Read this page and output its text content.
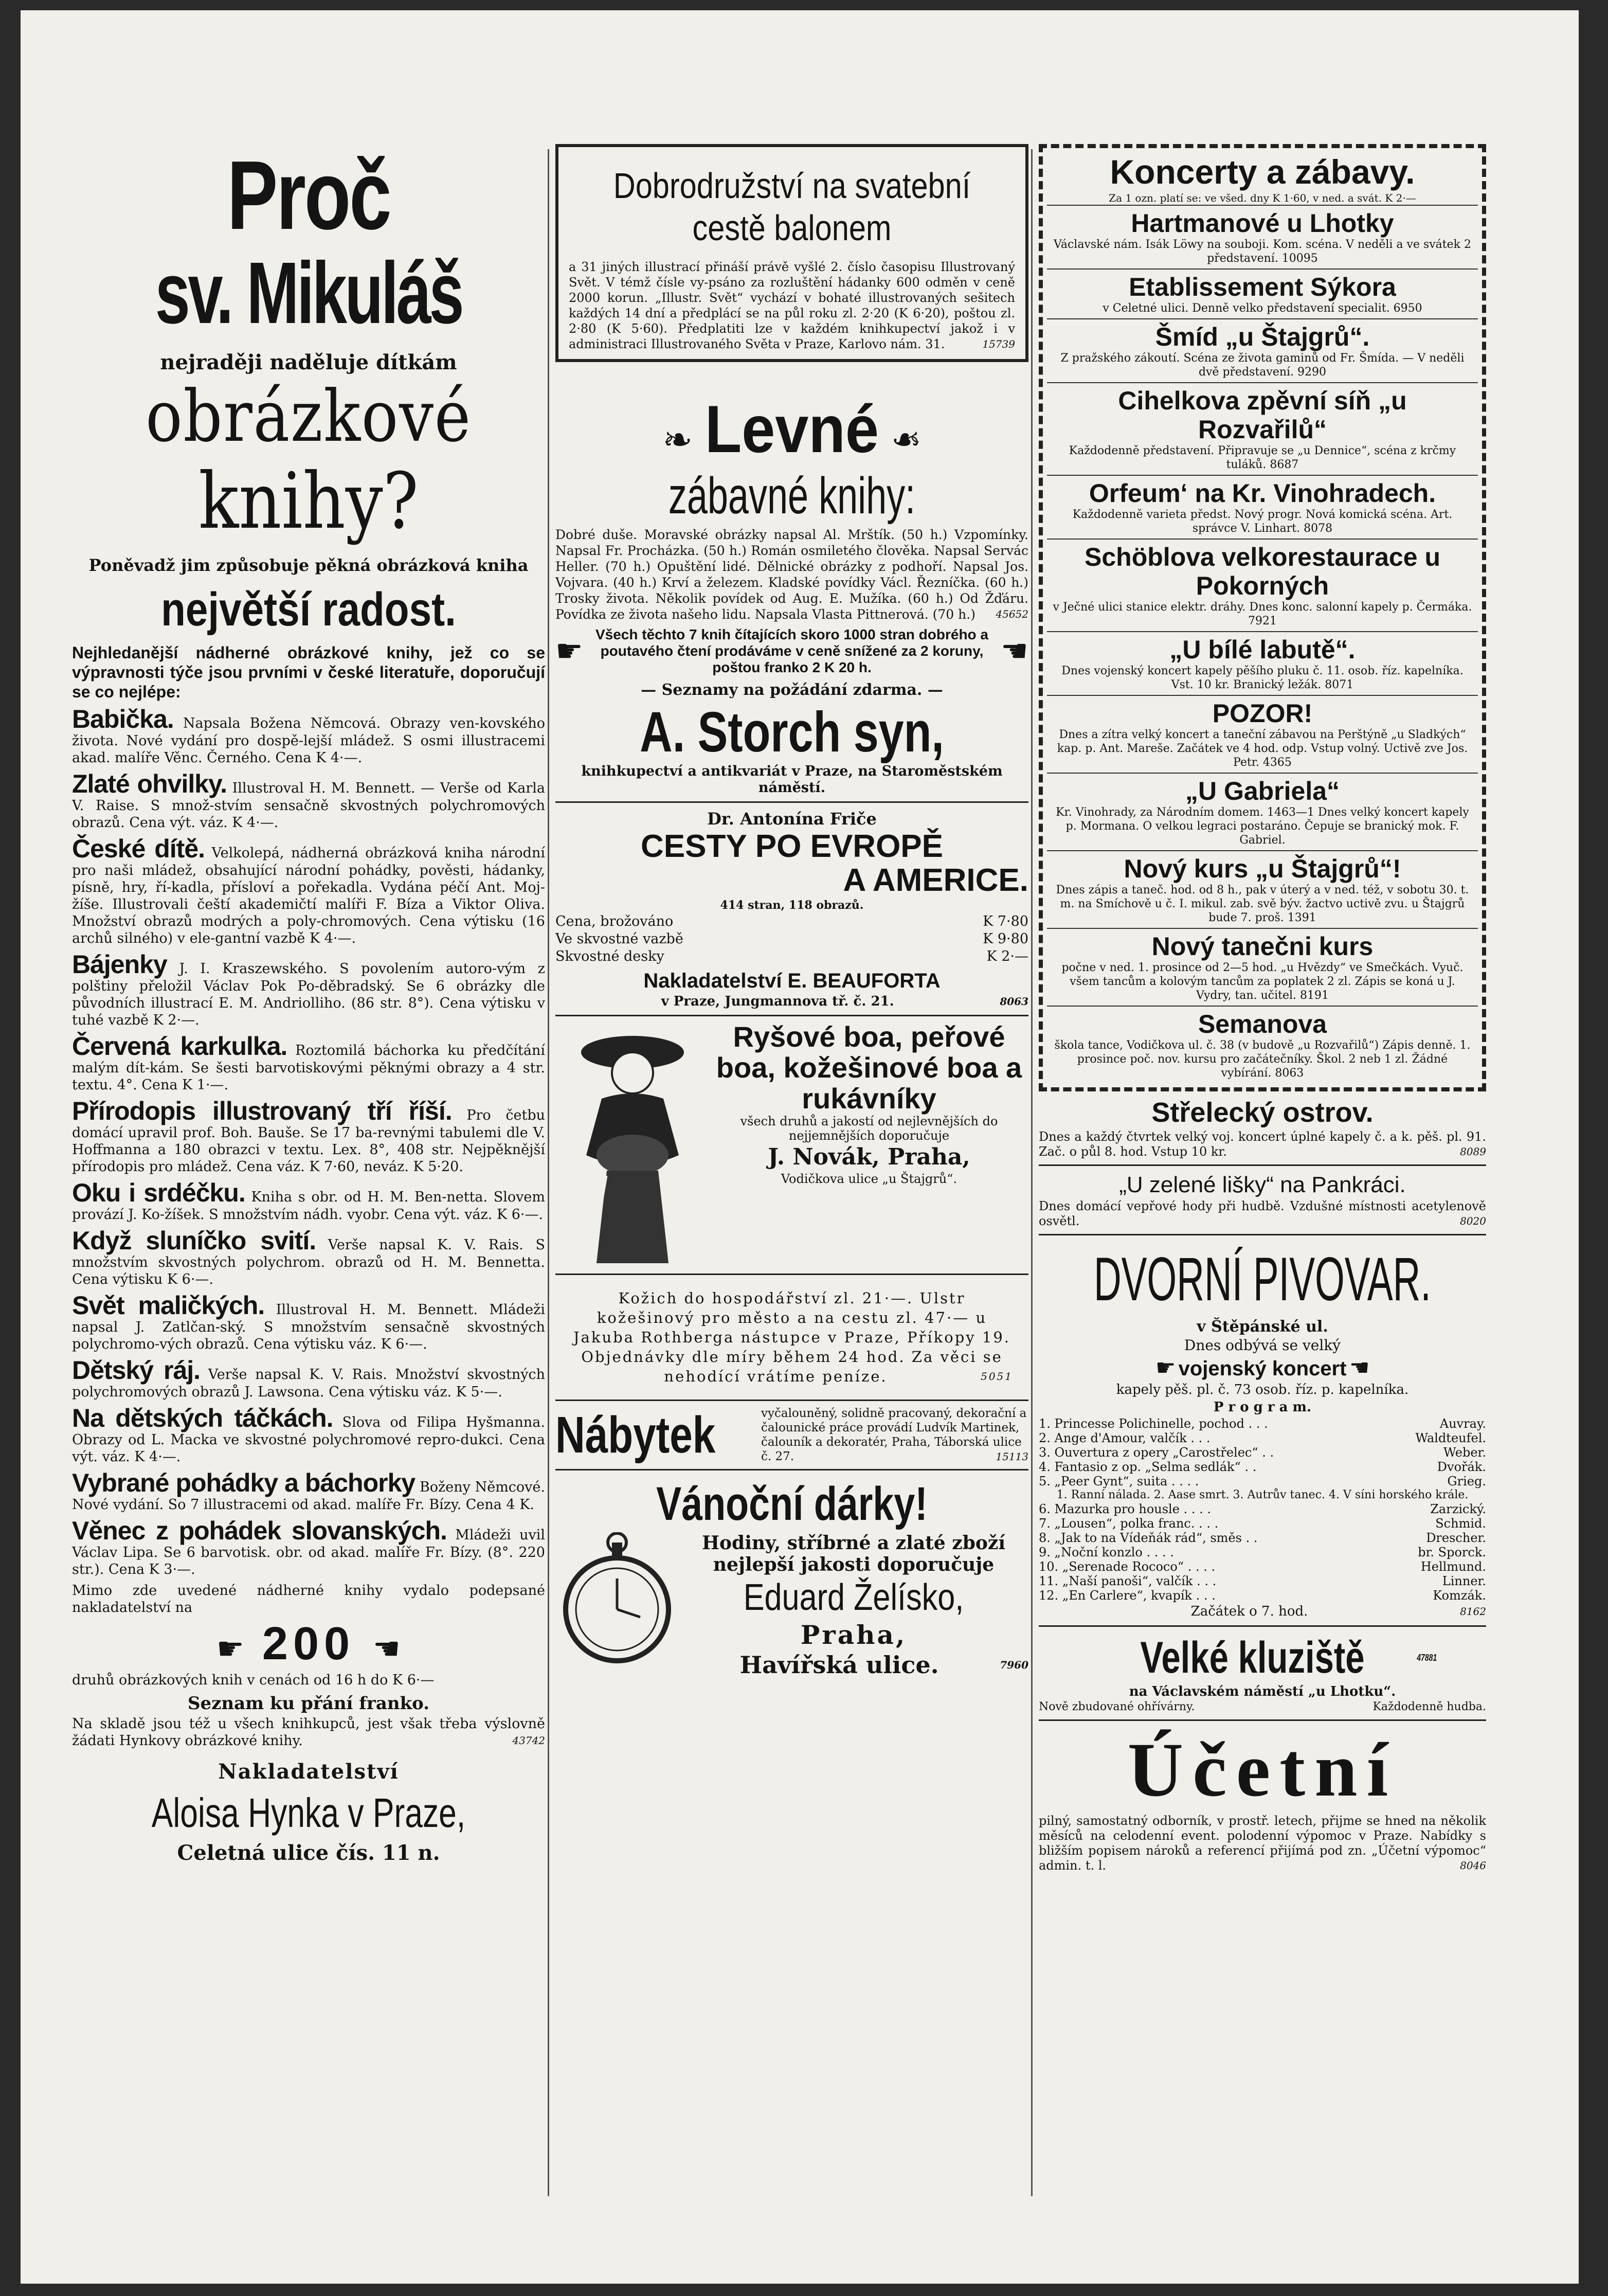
Proč
sv. Mikuláš
nejraději naděluje dítkám
obrázkové
knihy?
Poněvadž jim způsobuje pěkná obrázková kniha
největší radost.
Nejhledanější nádherné obrázkové knihy, jež co se výpravnosti týče jsou prvními v české literatuře, doporučují se co nejlépe:
Babička. Napsala Božena Němcová. Obrazy ven-kovského života. Nové vydání pro dospě-lejší mládež. S osmi illustracemi akad. malíře Věnc. Černého. Cena K 4·—.
Zlaté ohvilky. Illustroval H. M. Bennett. — Verše od Karla V. Raise. S množ-stvím sensačně skvostných polychromových obrazů. Cena výt. váz. K 4·—.
České dítě. Velkolepá, nádherná obrázková kniha národní pro naši mládež, obsahující národní pohádky, pověsti, hádanky, písně, hry, ří-kadla, přísloví a pořekadla. Vydána péčí Ant. Moj-žíše. Illustrovali čeští akademičtí malíři F. Bíza a Viktor Oliva. Množství obrazů modrých a poly-chromových. Cena výtisku (16 archů silného) v ele-gantní vazbě K 4·—.
Bájenky J. I. Kraszewského. S povolením autoro-vým z polštiny přeložil Václav Pok Po-děbradský. Se 6 obrázky dle původních illustrací E. M. Andriolliho. (86 str. 8°). Cena výtisku v tuhé vazbě K 2·—.
Červená karkulka. Roztomilá báchorka ku předčítání malým dít-kám. Se šesti barvotiskovými pěknými obrazy a 4 str. textu. 4°. Cena K 1·—.
Přírodopis illustrovaný tří říší. Pro četbu domácí upravil prof. Boh. Bauše. Se 17 ba-revnými tabulemi dle V. Hoffmanna a 180 obrazci v textu. Lex. 8°, 408 str. Nejpěknější přírodopis pro mládež. Cena váz. K 7·60, neváz. K 5·20.
Oku i srdéčku. Kniha s obr. od H. M. Ben-netta. Slovem provází J. Ko-žíšek. S množstvím nádh. vyobr. Cena výt. váz. K 6·—.
Když sluníčko svití. Verše napsal K. V. Rais. S množstvím skvostných polychrom. obrazů od H. M. Bennetta. Cena výtisku K 6·—.
Svět maličkých. Illustroval H. M. Bennett. Mládeži napsal J. Zatlčan-ský. S množstvím sensačně skvostných polychromo-vých obrazů. Cena výtisku váz. K 6·—.
Dětský ráj. Verše napsal K. V. Rais. Množství skvostných polychromových obrazů J. Lawsona. Cena výtisku váz. K 5·—.
Na dětských táčkách. Slova od Filipa Hyšmanna. Obrazy od L. Macka ve skvostné polychromové repro-dukci. Cena výt. váz. K 4·—.
Vybrané pohádky a báchorky Boženy Němcové. Nové vydání. So 7 illustracemi od akad. malíře Fr. Bízy. Cena 4 K.
Věnec z pohádek slovanských. Mládeži uvil Václav Lipa. Se 6 barvotisk. obr. od akad. malíře Fr. Bízy. (8°. 220 str.). Cena K 3·—.
Mimo zde uvedené nádherné knihy vydalo podepsané nakladatelství na
☛ 200 ☛
druhů obrázkových knih v cenách od 16 h do K 6·—
Seznam ku přání franko.
Na skladě jsou též u všech knihkupců, jest však třeba výslovně žádati Hynkovy obrázkové knihy.	43742
Nakladatelství
Aloisa Hynka v Praze,
Celetná ulice čís. 11 n.
Dobrodružství na svatební cestě balonem
a 31 jiných illustrací přináší právě vyšlé 2. číslo časopisu Illustrovaný Svět. V témž čísle vy-psáno za rozluštění hádanky 600 odměn v ceně 2000 korun. „Illustr. Svět“ vychází v bohaté illustrovaných sešitech každých 14 dní a předplácí se na půl roku zl. 2·20 (K 6·20), poštou zl. 2·80 (K 5·60). Předplatiti lze v každém knihkupectví jakož i v administraci Illustrovaného Světa v Praze, Karlovo nám. 31.	15739
❧ Levné ❧
zábavné knihy:
Dobré duše. Moravské obrázky napsal Al. Mrštík. (50 h.) Vzpomínky. Napsal Fr. Procházka. (50 h.) Román osmiletého člověka. Napsal Servác Heller. (70 h.) Opuštění lidé. Dělnické obrázky z podhoří. Napsal Jos. Vojvara. (40 h.) Krví a železem. Kladské povídky Václ. Řezníčka. (60 h.) Trosky života. Několik povídek od Aug. E. Mužíka. (60 h.) Od Žďáru. Povídka ze života našeho lidu. Napsala Vlasta Pittnerová. (70 h.) 45652
☛ Všech těchto 7 knih čítajících skoro 1000 stran dobrého a poutavého čtení prodáváme v ceně snížené za 2 koruny, poštou franko 2 K 20 h.	☛
— Seznamy na požádání zdarma. —
A. Storch syn,
knihkupectví a antikvariát v Praze, na Staroměstském náměstí.
Dr. Antonína Friče
CESTY PO EVROPĚ
A AMERICE.
414 stran, 118 obrazů.
Cena, brožováno	K 7·80
Ve skvostné vazbě	K 9·80
Skvostné desky	K 2·—
Nakladatelství E. BEAUFORTA
v Praze, Jungmannova tř. č. 21.	8063
Ryšové boa, peřové boa, kožešinové boa a rukávníky
všech druhů a jakostí od nejlevnějších do nejjemnějších doporučuje
J. Novák, Praha,
Vodičkova ulice „u Štajgrů“.
Kožich do hospodářství zl. 21·—. Ulstr kožešinový pro město a na cestu zl. 47·— u Jakuba Rothberga nástupce v Praze, Příkopy 19. Objednávky dle míry během 24 hod. Za věci se nehodící vrátíme peníze.	5051
Nábytek	vyčalouněný, solidně pracovaný, dekorační a čalounické práce provádí Ludvík Martinek, čalouník a dekoratér, Praha, Táborská ulice č. 27.	15113
Vánoční dárky!
Hodiny, stříbrné a zlaté zboží nejlepší jakosti doporučuje
Eduard Želísko,
Praha,
Havířská ulice.	7960
Koncerty a zábavy.
Za 1 ozn. platí se: ve všed. dny K 1·60, v ned. a svát. K 2·—
Hartmanové u Lhotky
Václavské nám. Isák Löwy na souboji. Kom. scéna. V neděli a ve svátek 2 představení. 10095
Etablissement Sýkora
v Celetné ulici. Denně velko představení specialit. 6950
Šmíd „u Štajgrů“.
Z pražského zákoutí. Scéna ze života gaminů od Fr. Šmída. — V neděli dvě představení. 9290
Cihelkova zpěvní síň „u Rozvařilů“
Každodenně představení. Připravuje se „u Dennice“, scéna z krčmy tuláků. 8687
Orfeum‘ na Kr. Vinohradech.
Každodenně varieta předst. Nový progr. Nová komická scéna. Art. správce V. Linhart. 8078
Schöblova velkorestaurace u Pokorných
v Ječné ulici stanice elektr. dráhy. Dnes konc. salonní kapely p. Čermáka. 7921
„U bílé labutě“.
Dnes vojenský koncert kapely pěšího pluku č. 11. osob. říz. kapelníka. Vst. 10 kr. Branický ležák. 8071
POZOR!
Dnes a zítra velký koncert a taneční zábavou na Perštýně „u Sladkých“ kap. p. Ant. Mareše. Začátek ve 4 hod. odp. Vstup volný. Uctivě zve Jos. Petr. 4365
„U Gabriela“
Kr. Vinohrady, za Národním domem. 1463—1 Dnes velký koncert kapely p. Mormana. O velkou legraci postaráno. Čepuje se branický mok. F. Gabriel.
Nový kurs „u Štajgrů“!
Dnes zápis a taneč. hod. od 8 h., pak v úterý a v ned. též, v sobotu 30. t. m. na Smíchově u č. I. mikul. zab. svě býv. žactvo uctivě zvu. u Štajgrů bude 7. proš. 1391
Nový tanečni kurs
počne v ned. 1. prosince od 2—5 hod. „u Hvězdy“ ve Smečkách. Vyuč. všem tancům a kolovým tancům za poplatek 2 zl. Zápis se koná u J. Vydry, tan. učitel. 8191
Semanova
škola tance, Vodičkova ul. č. 38 (v budově „u Rozvařilů“) Zápis denně. 1. prosince poč. nov. kursu pro začátečníky. Škol. 2 neb 1 zl. Žádné vybírání. 8063
Střelecký ostrov.
Dnes a každý čtvrtek velký voj. koncert úplné kapely č. a k. pěš. pl. 91. Zač. o půl 8. hod. Vstup 10 kr.	8089
„U zelené lišky“ na Pankráci.
Dnes domácí vepřové hody při hudbě. Vzdušné místnosti acetylenově osvětl.	8020
DVORNÍ PIVOVAR.
v Štěpánské ul.
Dnes odbývá se velký
☛ vojenský koncert ☛
kapely pěš. pl. č. 73 osob. říz. p. kapelníka.
P r o g r a m.
1. Princesse Polichinelle, pochod . . .	Auvray.
2. Ange d'Amour, valčík . . .	Waldteufel.
3. Ouvertura z opery „Carostřelec“ . .	Weber.
4. Fantasio z op. „Selma sedlák“ . .	Dvořák.
5. „Peer Gynt“, suita . . . .	Grieg.
1. Ranní nálada. 2. Aase smrt. 3. Autrův tanec. 4. V síni horského krále.
6. Mazurka pro housle . . . .	Zarzický.
7. „Lousen“, polka franc. . . .	Schmid.
8. „Jak to na Vídeňák rád“, směs . .	Drescher.
9. „Noční konzlo . . . .	br. Sporck.
10. „Serenade Rococo“ . . . .	Hellmund.
11. „Naší panoši“, valčík . . .	Linner.
12. „En Carlere“, kvapík . . .	Komzák.
Začátek o 7. hod.	8162
Velké kluziště	47881
na Václavském náměstí „u Lhotku“.
Nově zbudované ohřívárny.	Každodenně hudba.
Účetní
pilný, samostatný odborník, v prostř. letech, přijme se hned na několik měsíců na celodenní event. polodenní výpomoc v Praze. Nabídky s bližším popisem nároků a referencí přijímá pod zn. „Účetní výpomoc“ admin. t. l.	8046
